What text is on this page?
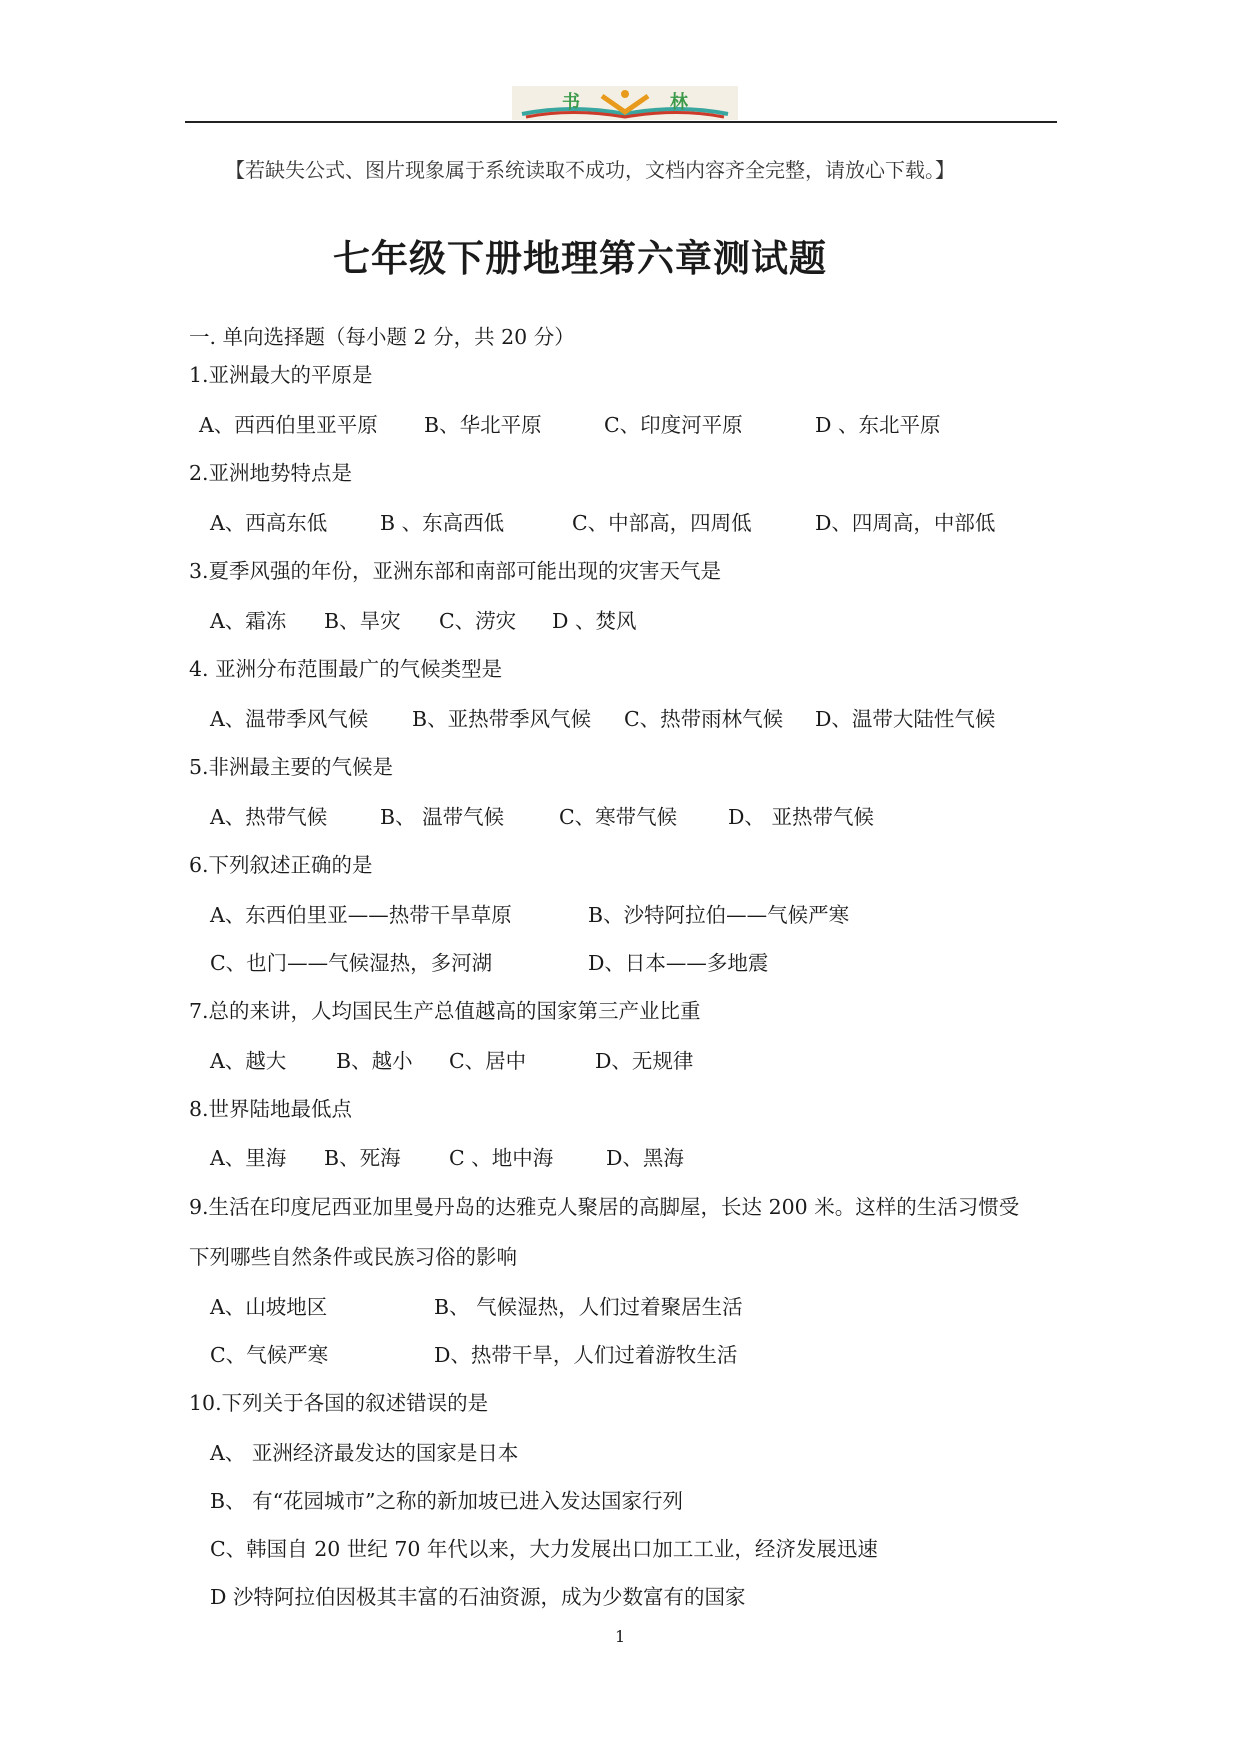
书	林
【若缺失公式、图片现象属于系统读取不成功，文档内容齐全完整，请放心下载。】
七年级下册地理第六章测试题
一. 单向选择题（每小题 2 分，共 20 分）
1.亚洲最大的平原是
A、西西伯里亚平原 B、华北平原	C、印度河平原	D 、东北平原
2.亚洲地势特点是
A、西高东低	B 、东高西低	C、中部高，四周低	D、四周高，中部低
3.夏季风强的年份，亚洲东部和南部可能出现的灾害天气是
A、霜冻 B、旱灾 C、涝灾 D 、焚风
4. 亚洲分布范围最广的气候类型是
A、温带季风气候 B、亚热带季风气候 C、热带雨林气候 D、温带大陆性气候
5.非洲最主要的气候是
A、热带气候	B、 温带气候	C、寒带气候 D、 亚热带气候
6.下列叙述正确的是
A、东西伯里亚——热带干旱草原	B、沙特阿拉伯——气候严寒
C、也门——气候湿热，多河湖	D、日本——多地震
7.总的来讲，人均国民生产总值越高的国家第三产业比重
A、越大 B、越小 C、居中	D、无规律
8.世界陆地最低点
A、里海 B、死海 C 、地中海	D、黑海
9.生活在印度尼西亚加里曼丹岛的达雅克人聚居的高脚屋，长达 200 米。这样的生活习惯受
下列哪些自然条件或民族习俗的影响
A、山坡地区	B、 气候湿热，人们过着聚居生活
C、气候严寒	D、热带干旱，人们过着游牧生活
10.下列关于各国的叙述错误的是
A、 亚洲经济最发达的国家是日本
B、 有“花园城市”之称的新加坡已进入发达国家行列
C、韩国自 20 世纪 70 年代以来，大力发展出口加工工业，经济发展迅速
D 沙特阿拉伯因极其丰富的石油资源，成为少数富有的国家
1
